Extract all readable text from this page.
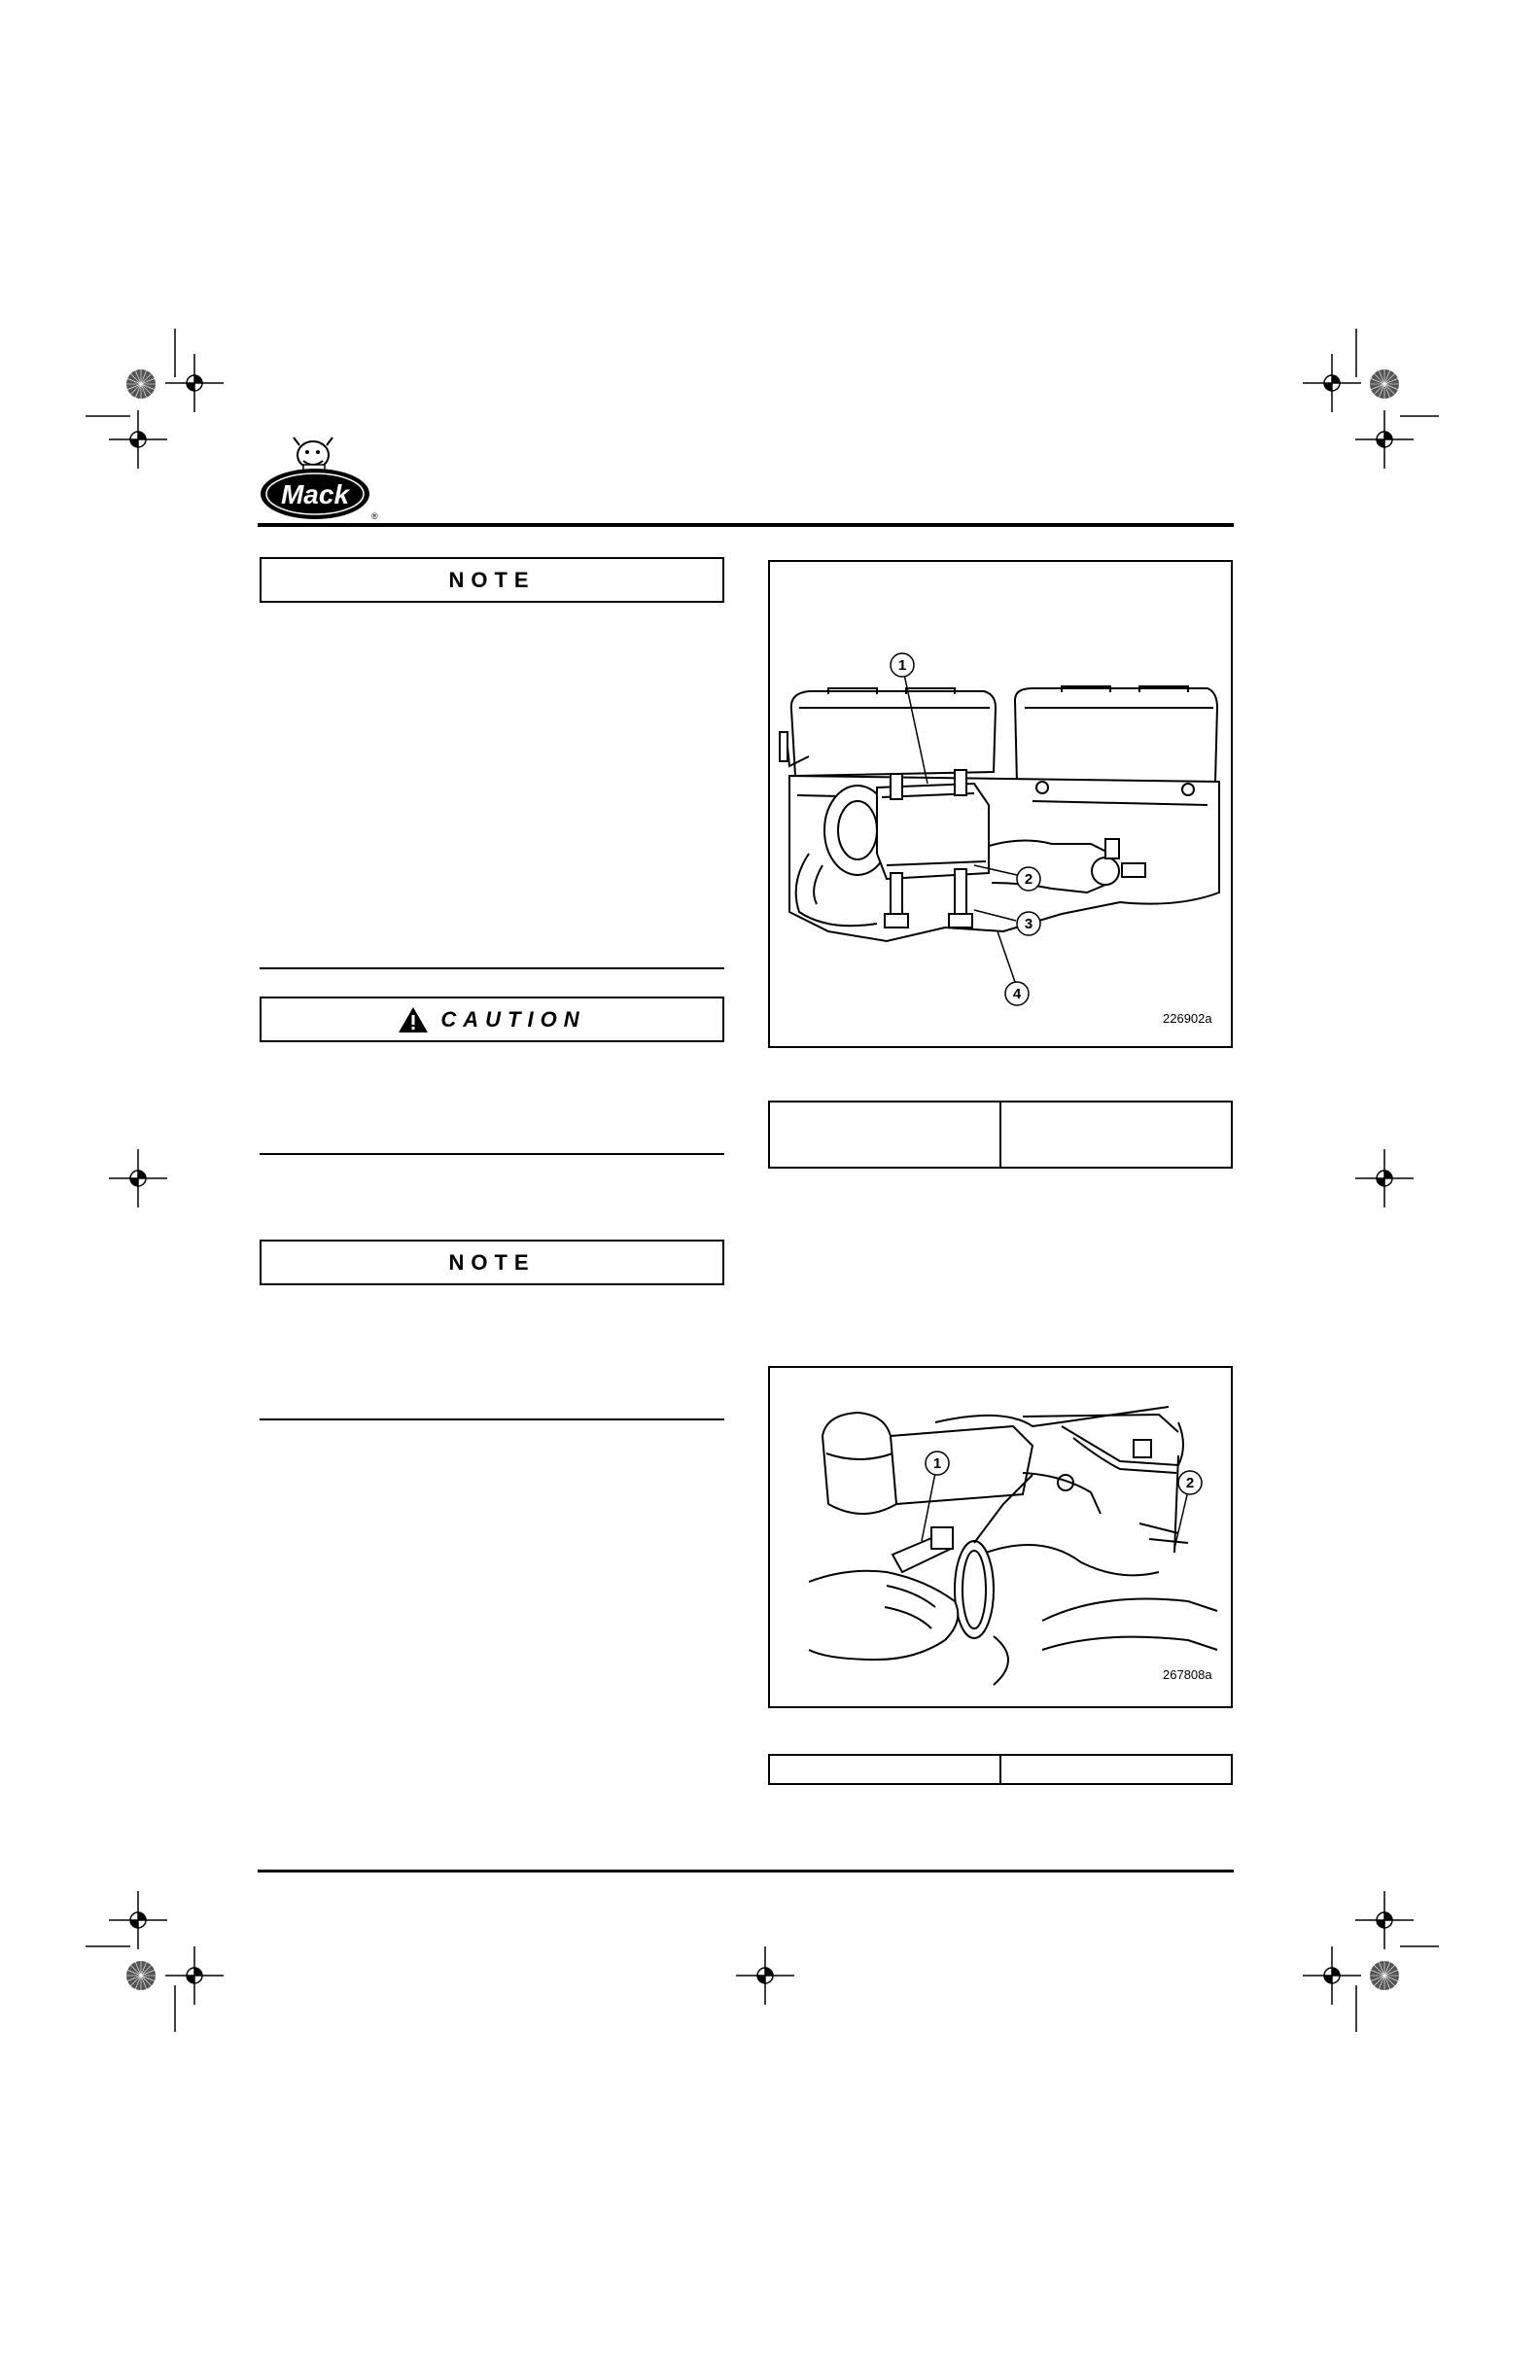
Mack
®
NOTE
CAUTION
NOTE
1
2
3
4
226902a
1
2
267808a
